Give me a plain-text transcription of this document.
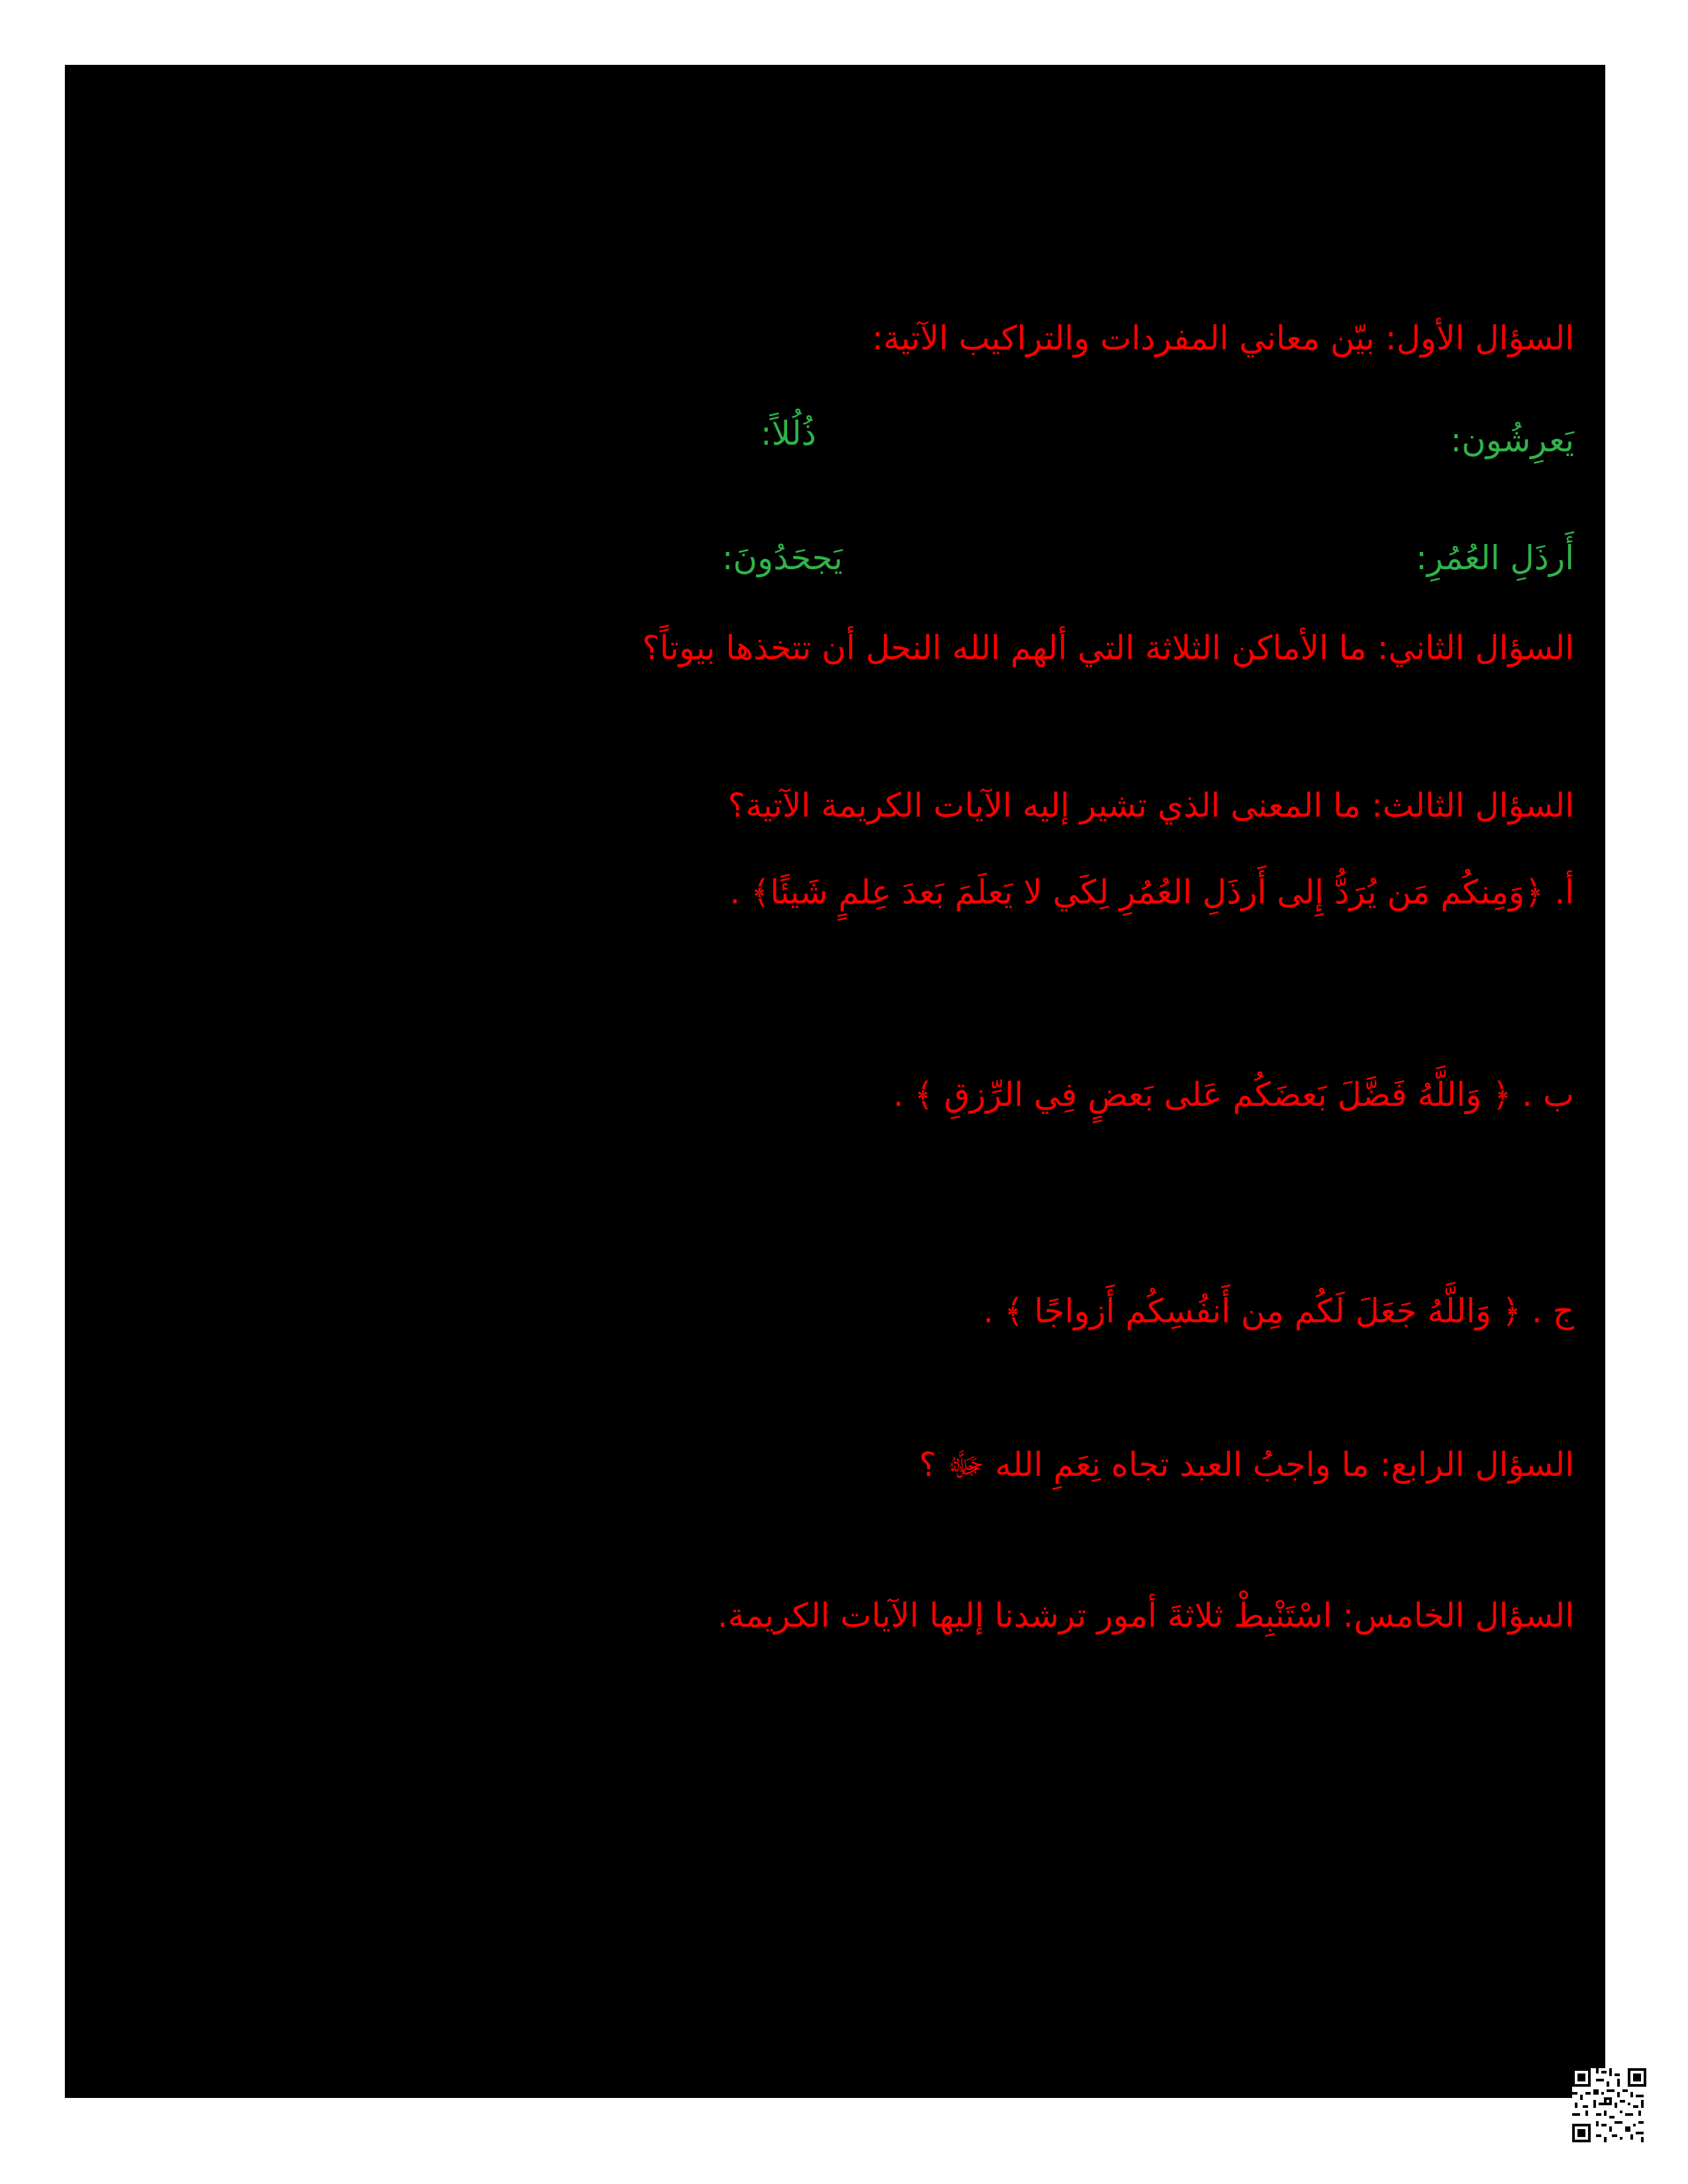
السؤال الأول: بيّن معاني المفردات والتراكيب الآتية:
يَعرِشُون:
ذُلُلاً:
أَرذَلِ العُمُرِ:
يَجحَدُونَ:
السؤال الثاني: ما الأماكن الثلاثة التي ألهم الله النحل أن تتخذها بيوتاً؟
السؤال الثالث: ما المعنى الذي تشير إليه الآيات الكريمة الآتية؟
أ. ﴿وَمِنكُم مَن يُرَدُّ إِلى أَرذَلِ العُمُرِ لِكَي لا يَعلَمَ بَعدَ عِلمٍ شَيئًا﴾ .
ب . ﴿ وَاللَّهُ فَضَّلَ بَعضَكُم عَلى بَعضٍ فِي الرِّزقِ ﴾ .
ج . ﴿ وَاللَّهُ جَعَلَ لَكُم مِن أَنفُسِكُم أَزواجًا ﴾ .
السؤال الرابع: ما واجبُ العبد تجاه نِعَمِ الله ﷻ ؟
السؤال الخامس: اسْتَنْبِطْ ثلاثةَ أمور ترشدنا إليها الآيات الكريمة.
